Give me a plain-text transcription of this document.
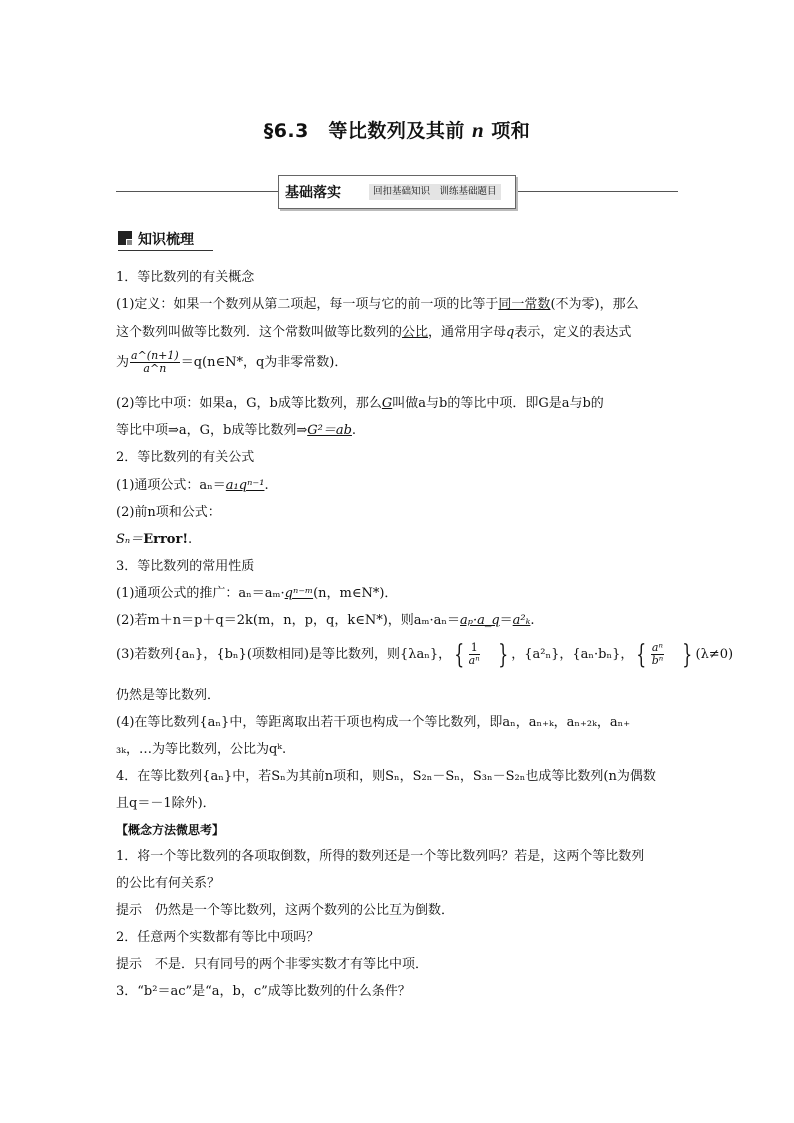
§6.3　等比数列及其前 n 项和
基础落实	回扣基础知识　训练基础题目
知识梳理
1．等比数列的有关概念
(1)定义：如果一个数列从第二项起，每一项与它的前一项的比等于同一常数(不为零)，那么
这个数列叫做等比数列．这个常数叫做等比数列的公比，通常用字母q表示，定义的表达式
为 $\frac{a\^{}(n+1)}{a\^{}n}$ ＝q(n∈N*，q为非零常数)．
(2)等比中项：如果a，G，b成等比数列，那么G叫做a与b的等比中项．即G是a与b的
等比中项⇒a，G，b成等比数列⇒G²＝ab.
2．等比数列的有关公式
(1)通项公式：aₙ＝a₁qⁿ⁻¹.
(2)前n项和公式：
Sₙ＝Error!.
3．等比数列的常用性质
(1)通项公式的推广：aₙ＝aₘ·qⁿ⁻ᵐ(n，m∈N*)．
(2)若m＋n＝p＋q＝2k(m，n，p，q，k∈N*)，则aₘ·aₙ＝aₚ·a_q＝a²ₖ.
(3)若数列{aₙ}，{bₙ}(项数相同)是等比数列，则{λaₙ}， { $\frac{1}{\text{aⁿ}}$ } ，{a²ₙ}，{aₙ·bₙ}， { $\frac{\text{aⁿ}}{\text{bⁿ}}$ } (λ≠0)
仍然是等比数列．
(4)在等比数列{aₙ}中，等距离取出若干项也构成一个等比数列，即aₙ，aₙ₊ₖ，aₙ₊₂ₖ，aₙ₊
₃ₖ，…为等比数列，公比为qᵏ.
4．在等比数列{aₙ}中，若Sₙ为其前n项和，则Sₙ，S₂ₙ－Sₙ，S₃ₙ－S₂ₙ也成等比数列(n为偶数
且q＝－1除外)．
【概念方法微思考】
1．将一个等比数列的各项取倒数，所得的数列还是一个等比数列吗？若是，这两个等比数列
的公比有何关系？
提示　仍然是一个等比数列，这两个数列的公比互为倒数．
2．任意两个实数都有等比中项吗？
提示　不是．只有同号的两个非零实数才有等比中项．
3．“b²＝ac”是“a，b，c”成等比数列的什么条件？
